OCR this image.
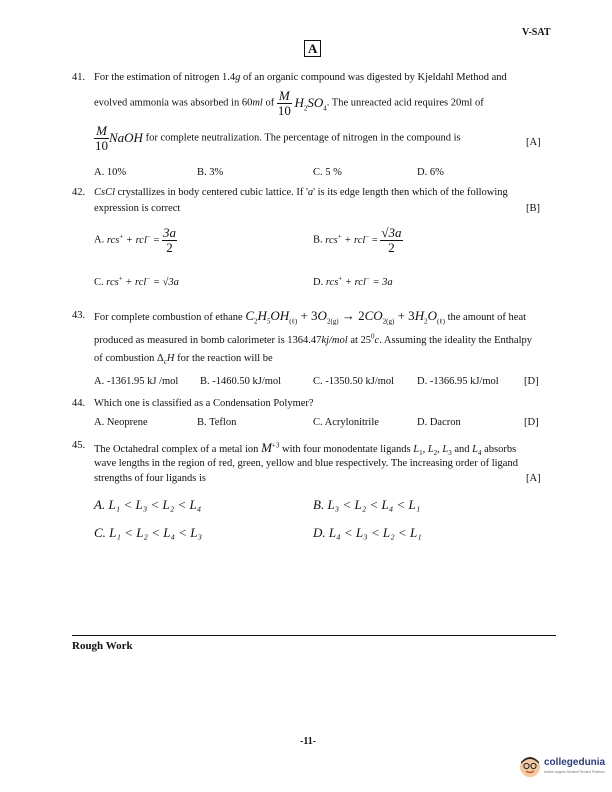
V-SAT
A
41. For the estimation of nitrogen 1.4g of an organic compound was digested by Kjeldahl Method and
evolved ammonia was absorbed in 60ml of $\frac{M}{10} H_2SO_4$. The unreacted acid requires 20ml of
$\frac{M}{10}$ NaOH for complete neutralization. The percentage of nitrogen in the compound is	[A]
A. 10%	B. 3%	C. 5 %	D. 6%
42. CsCl crystallizes in body centered cubic lattice. If 'a' is its edge length then which of the following
expression is correct	[B]
A. $rcs^+ + rcl^- = \frac{3a}{2}$	B. $rcs^+ + rcl^- = \frac{√3a}{2}$
C. rcs+ + rcl− = √3a	D. rcs+ + rcl− = 3a
43. For complete combustion of ethane $C_2H_5OH_{(\ell)} + 3O_{2(g)} \to 2CO_{2(g)} + 3H_2O_{(\ell)}$ the amount of heat
produced as measured in bomb calorimeter is 1364.47kj/mol at $25^0c$. Assuming the ideality the Enthalpy
of combustion $\Delta_cH$ for the reaction will be
A. -1361.95 kJ /mol B. -1460.50 kJ/mol	C. -1350.50 kJ/mol D. -1366.95 kJ/mol [D]
44. Which one is classified as a Condensation Polymer?
A. Neoprene	B. Teflon	C. Acrylonitrile	D. Dacron	[D]
45. The Octahedral complex of a metal ion $M^{+3}$ with four monodentate ligands $L_1$, $L_2$, $L_3$ and $L_4$ absorbs
wave lengths in the region of red, green, yellow and blue respectively. The increasing order of ligand
strengths of four ligands is	[A]
A. L₁ < L₃ < L₂ < L₄	B. L₃ < L₂ < L₄ < L₁
C. L₁ < L₂ < L₄ < L₃	D. L₄ < L₃ < L₂ < L₁
Rough Work
-11-
collegedunia
India's largest Student Review Platform
